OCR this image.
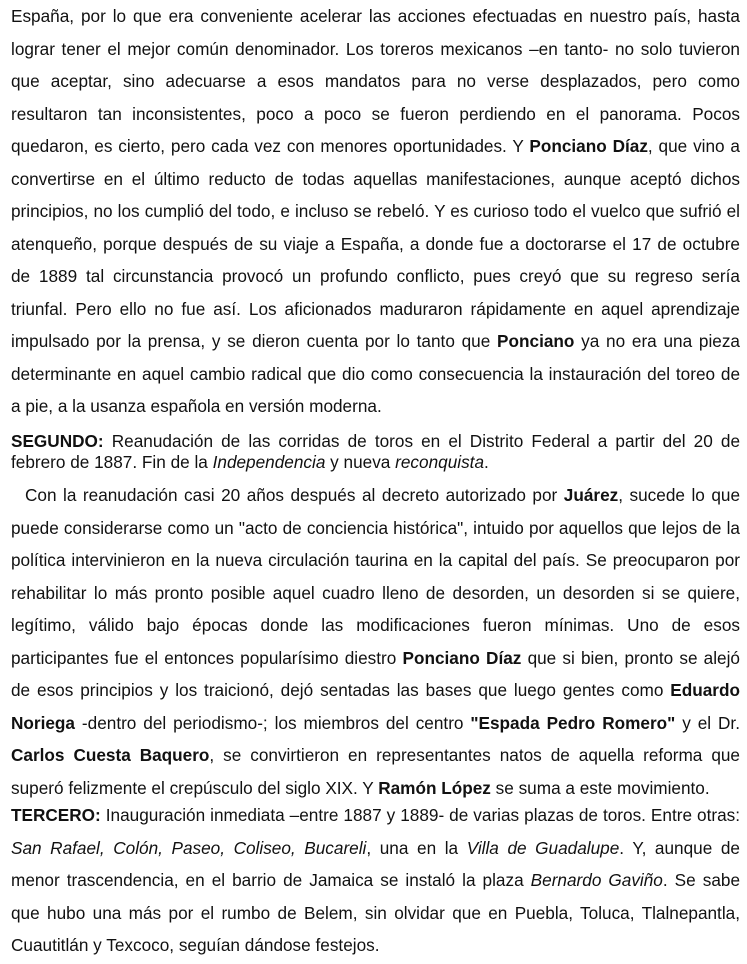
España, por lo que era conveniente acelerar las acciones efectuadas en nuestro país, hasta lograr tener el mejor común denominador. Los toreros mexicanos –en tanto- no solo tuvieron que aceptar, sino adecuarse a esos mandatos para no verse desplazados, pero como resultaron tan inconsistentes, poco a poco se fueron perdiendo en el panorama. Pocos quedaron, es cierto, pero cada vez con menores oportunidades. Y Ponciano Díaz, que vino a convertirse en el último reducto de todas aquellas manifestaciones, aunque aceptó dichos principios, no los cumplió del todo, e incluso se rebeló. Y es curioso todo el vuelco que sufrió el atenqueño, porque después de su viaje a España, a donde fue a doctorarse el 17 de octubre de 1889 tal circunstancia provocó un profundo conflicto, pues creyó que su regreso sería triunfal. Pero ello no fue así. Los aficionados maduraron rápidamente en aquel aprendizaje impulsado por la prensa, y se dieron cuenta por lo tanto que Ponciano ya no era una pieza determinante en aquel cambio radical que dio como consecuencia la instauración del toreo de a pie, a la usanza española en versión moderna.

SEGUNDO: Reanudación de las corridas de toros en el Distrito Federal a partir del 20 de febrero de 1887. Fin de la Independencia y nueva reconquista.

Con la reanudación casi 20 años después al decreto autorizado por Juárez, sucede lo que puede considerarse como un "acto de conciencia histórica", intuido por aquellos que lejos de la política intervinieron en la nueva circulación taurina en la capital del país. Se preocuparon por rehabilitar lo más pronto posible aquel cuadro lleno de desorden, un desorden si se quiere, legítimo, válido bajo épocas donde las modificaciones fueron mínimas. Uno de esos participantes fue el entonces popularísimo diestro Ponciano Díaz que si bien, pronto se alejó de esos principios y los traicionó, dejó sentadas las bases que luego gentes como Eduardo Noriega -dentro del periodismo-; los miembros del centro "Espada Pedro Romero" y el Dr. Carlos Cuesta Baquero, se convirtieron en representantes natos de aquella reforma que superó felizmente el crepúsculo del siglo XIX. Y Ramón López se suma a este movimiento.

TERCERO: Inauguración inmediata –entre 1887 y 1889- de varias plazas de toros. Entre otras: San Rafael, Colón, Paseo, Coliseo, Bucareli, una en la Villa de Guadalupe. Y, aunque de menor trascendencia, en el barrio de Jamaica se instaló la plaza Bernardo Gaviño. Se sabe que hubo una más por el rumbo de Belem, sin olvidar que en Puebla, Toluca, Tlalnepantla, Cuautitlán y Texcoco, seguían dándose festejos.
